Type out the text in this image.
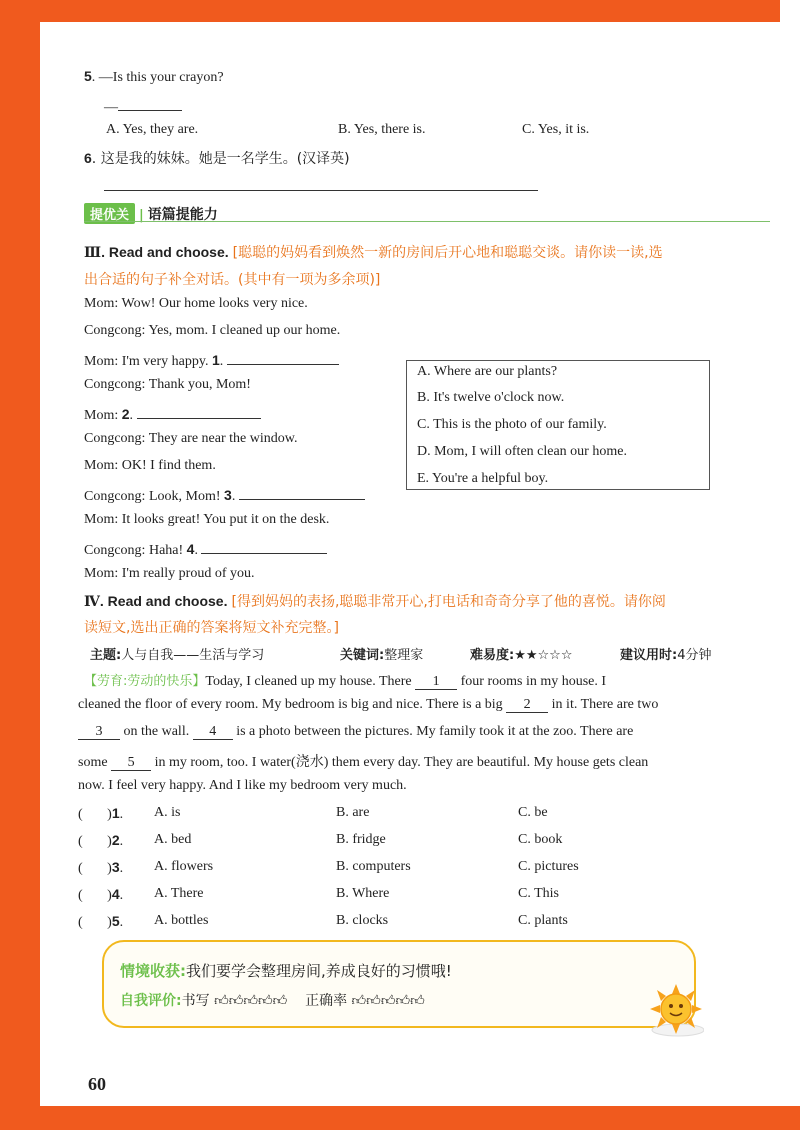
5. —Is this your crayon?
—
A. Yes, they are.	B. Yes, there is.	C. Yes, it is.
6. 这是我的妹妹。她是一名学生。(汉译英)
提优关 | 语篇提能力
Ⅲ. Read and choose. [聪聪的妈妈看到焕然一新的房间后开心地和聪聪交谈。请你读一读,选
出合适的句子补全对话。(其中有一项为多余项)]
Mom: Wow! Our home looks very nice.
Congcong: Yes, mom. I cleaned up our home.
Mom: I'm very happy. 1.
Congcong: Thank you, Mom!
Mom: 2.
Congcong: They are near the window.
Mom: OK! I find them.
Congcong: Look, Mom! 3.
Mom: It looks great! You put it on the desk.
Congcong: Haha! 4.
Mom: I'm really proud of you.
A. Where are our plants?
B. It's twelve o'clock now.
C. This is the photo of our family.
D. Mom, I will often clean our home.
E. You're a helpful boy.
Ⅳ. Read and choose. [得到妈妈的表扬,聪聪非常开心,打电话和奇奇分享了他的喜悦。请你阅
读短文,选出正确的答案将短文补充完整。]
主题:人与自我——生活与学习	关键词:整理家	难易度:★★☆☆☆	建议用时:4分钟
【劳育:劳动的快乐】Today, I cleaned up my house. There 1 four rooms in my house. I
cleaned the floor of every room. My bedroom is big and nice. There is a big 2 in it. There are two
3 on the wall. 4 is a photo between the pictures. My family took it at the zoo. There are
some 5 in my room, too. I water(浇水) them every day. They are beautiful. My house gets clean
now. I feel very happy. And I like my bedroom very much.
(       )1. A. is	B. are	C. be
(       )2. A. bed	B. fridge	C. book
(       )3. A. flowers	B. computers	C. pictures
(       )4. A. There	B. Where	C. This
(       )5. A. bottles	B. clocks	C. plants
情境收获:我们要学会整理房间,养成良好的习惯哦!
自我评价:书写 👍︎👍︎👍︎👍︎👍︎ 正确率 👍︎👍︎👍︎👍︎👍︎
60
